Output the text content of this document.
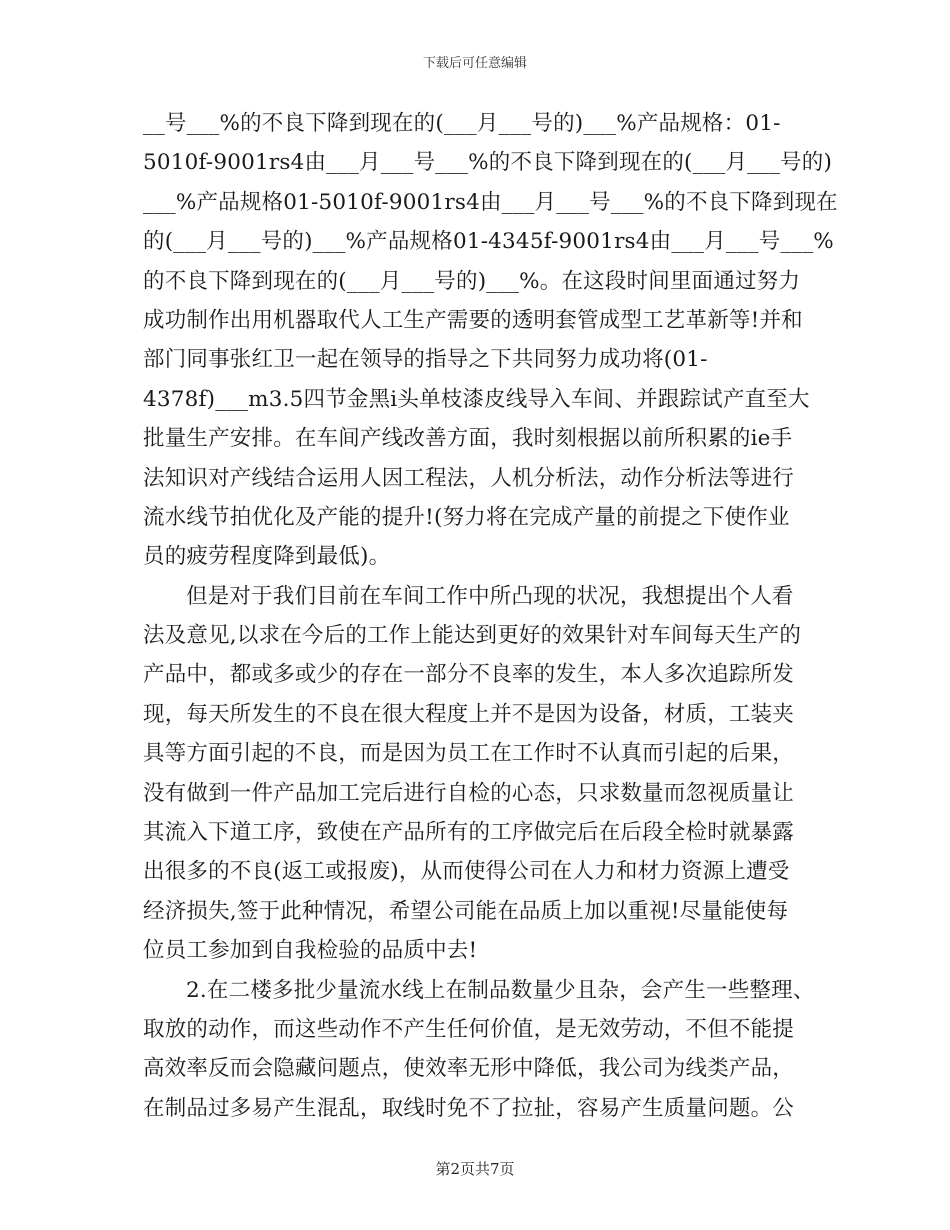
下载后可任意编辑
__号___%的不良下降到现在的(___月___号的)___%产品规格：01-
5010f-9001rs4由___月___号___%的不良下降到现在的(___月___号的)
___%产品规格01-5010f-9001rs4由___月___号___%的不良下降到现在
的(___月___号的)___%产品规格01-4345f-9001rs4由___月___号___%
的不良下降到现在的(___月___号的)___%。在这段时间里面通过努力
成功制作出用机器取代人工生产需要的透明套管成型工艺革新等!并和
部门同事张红卫一起在领导的指导之下共同努力成功将(01-
4378f)___m3.5四节金黑i头单枝漆皮线导入车间、并跟踪试产直至大
批量生产安排。在车间产线改善方面，我时刻根据以前所积累的ie手
法知识对产线结合运用人因工程法，人机分析法，动作分析法等进行
流水线节拍优化及产能的提升!(努力将在完成产量的前提之下使作业
员的疲劳程度降到最低)。
但是对于我们目前在车间工作中所凸现的状况，我想提出个人看
法及意见,以求在今后的工作上能达到更好的效果针对车间每天生产的
产品中，都或多或少的存在一部分不良率的发生，本人多次追踪所发
现，每天所发生的不良在很大程度上并不是因为设备，材质，工装夹
具等方面引起的不良，而是因为员工在工作时不认真而引起的后果，
没有做到一件产品加工完后进行自检的心态，只求数量而忽视质量让
其流入下道工序，致使在产品所有的工序做完后在后段全检时就暴露
出很多的不良(返工或报废)，从而使得公司在人力和材力资源上遭受
经济损失,签于此种情况，希望公司能在品质上加以重视!尽量能使每
位员工参加到自我检验的品质中去!
2.在二楼多批少量流水线上在制品数量少且杂，会产生一些整理、
取放的动作，而这些动作不产生任何价值，是无效劳动，不但不能提
高效率反而会隐藏问题点，使效率无形中降低，我公司为线类产品，
在制品过多易产生混乱，取线时免不了拉扯，容易产生质量问题。公
第2页共7页
